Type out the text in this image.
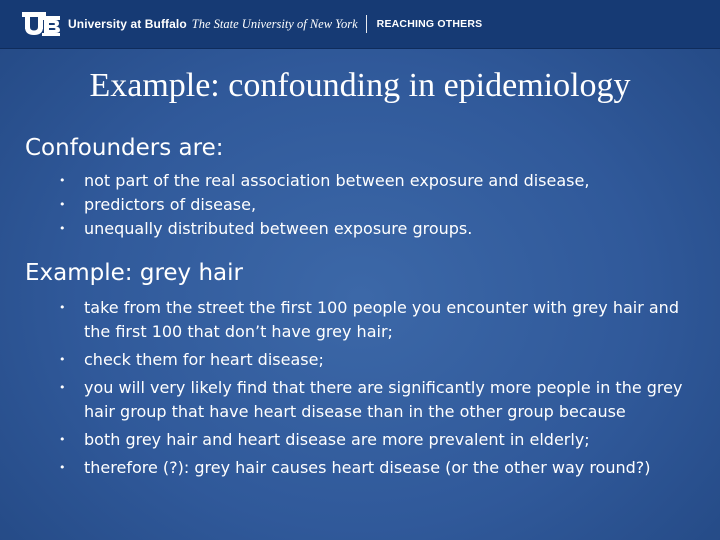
University at Buffalo The State University of New York REACHING OTHERS
Example: confounding in epidemiology
Confounders are:
• not part of the real association between exposure and disease,
• predictors of disease,
• unequally distributed between exposure groups.
Example: grey hair
• take from the street the first 100 people you encounter with grey hair and the first 100 that don’t have grey hair;
• check them for heart disease;
• you will very likely find that there are significantly more people in the grey hair group that have heart disease than in the other group because
• both grey hair and heart disease are more prevalent in elderly;
• therefore (?): grey hair causes heart disease (or the other way round?)
